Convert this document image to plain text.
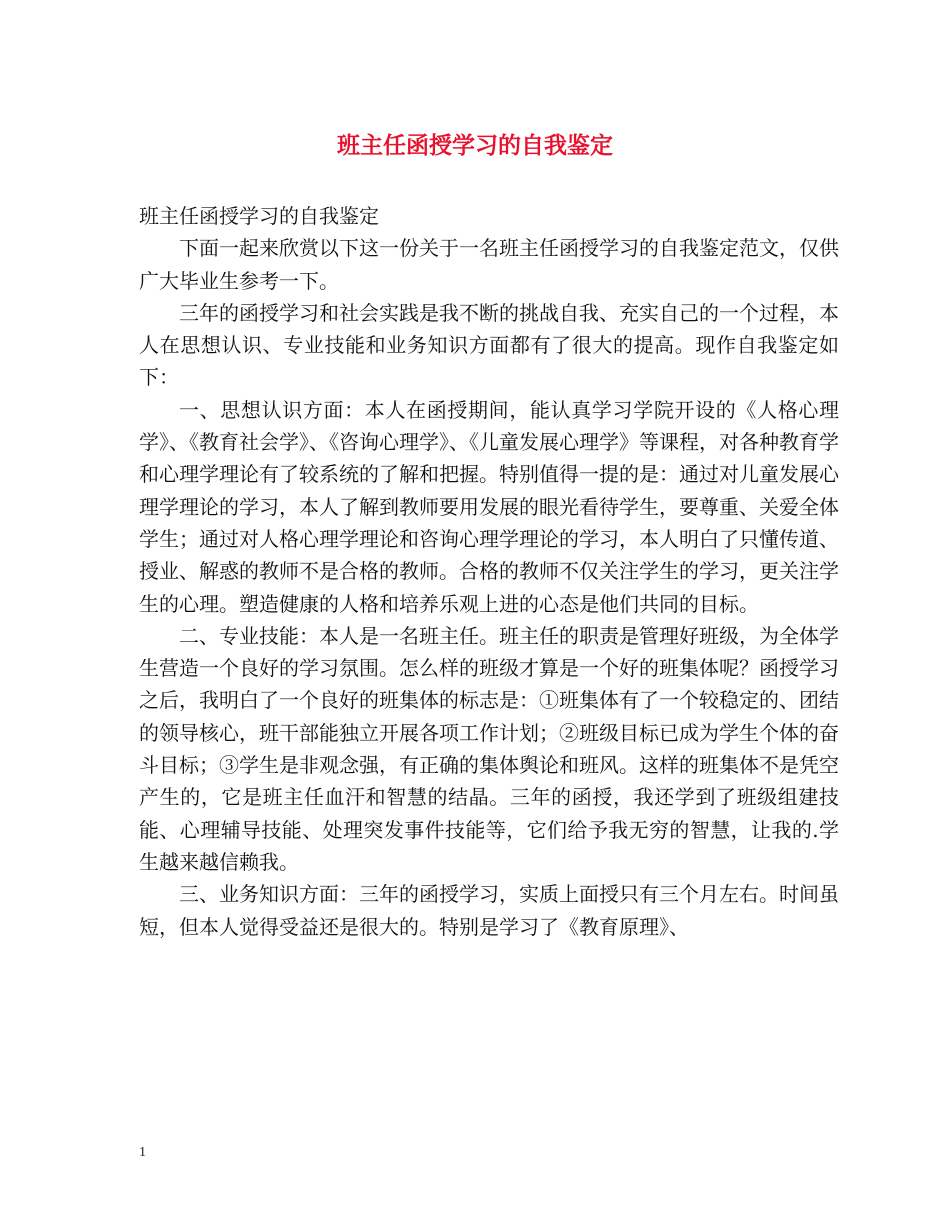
班主任函授学习的自我鉴定

班主任函授学习的自我鉴定

下面一起来欣赏以下这一份关于一名班主任函授学习的自我鉴定范文，仅供广大毕业生参考一下。

三年的函授学习和社会实践是我不断的挑战自我、充实自己的一个过程，本人在思想认识、专业技能和业务知识方面都有了很大的提高。现作自我鉴定如下：

一、思想认识方面：本人在函授期间，能认真学习学院开设的《人格心理学》、《教育社会学》、《咨询心理学》、《儿童发展心理学》等课程，对各种教育学和心理学理论有了较系统的了解和把握。特别值得一提的是：通过对儿童发展心理学理论的学习，本人了解到教师要用发展的眼光看待学生，要尊重、关爱全体学生；通过对人格心理学理论和咨询心理学理论的学习，本人明白了只懂传道、授业、解惑的教师不是合格的教师。合格的教师不仅关注学生的学习，更关注学生的心理。塑造健康的人格和培养乐观上进的心态是他们共同的目标。

二、专业技能：本人是一名班主任。班主任的职责是管理好班级，为全体学生营造一个良好的学习氛围。怎么样的班级才算是一个好的班集体呢？函授学习之后，我明白了一个良好的班集体的标志是：①班集体有了一个较稳定的、团结的领导核心，班干部能独立开展各项工作计划；②班级目标已成为学生个体的奋斗目标；③学生是非观念强，有正确的集体舆论和班风。这样的班集体不是凭空产生的，它是班主任血汗和智慧的结晶。三年的函授，我还学到了班级组建技能、心理辅导技能、处理突发事件技能等，它们给予我无穷的智慧，让我的.学生越来越信赖我。

三、业务知识方面：三年的函授学习，实质上面授只有三个月左右。时间虽短，但本人觉得受益还是很大的。特别是学习了《教育原理》、

1
